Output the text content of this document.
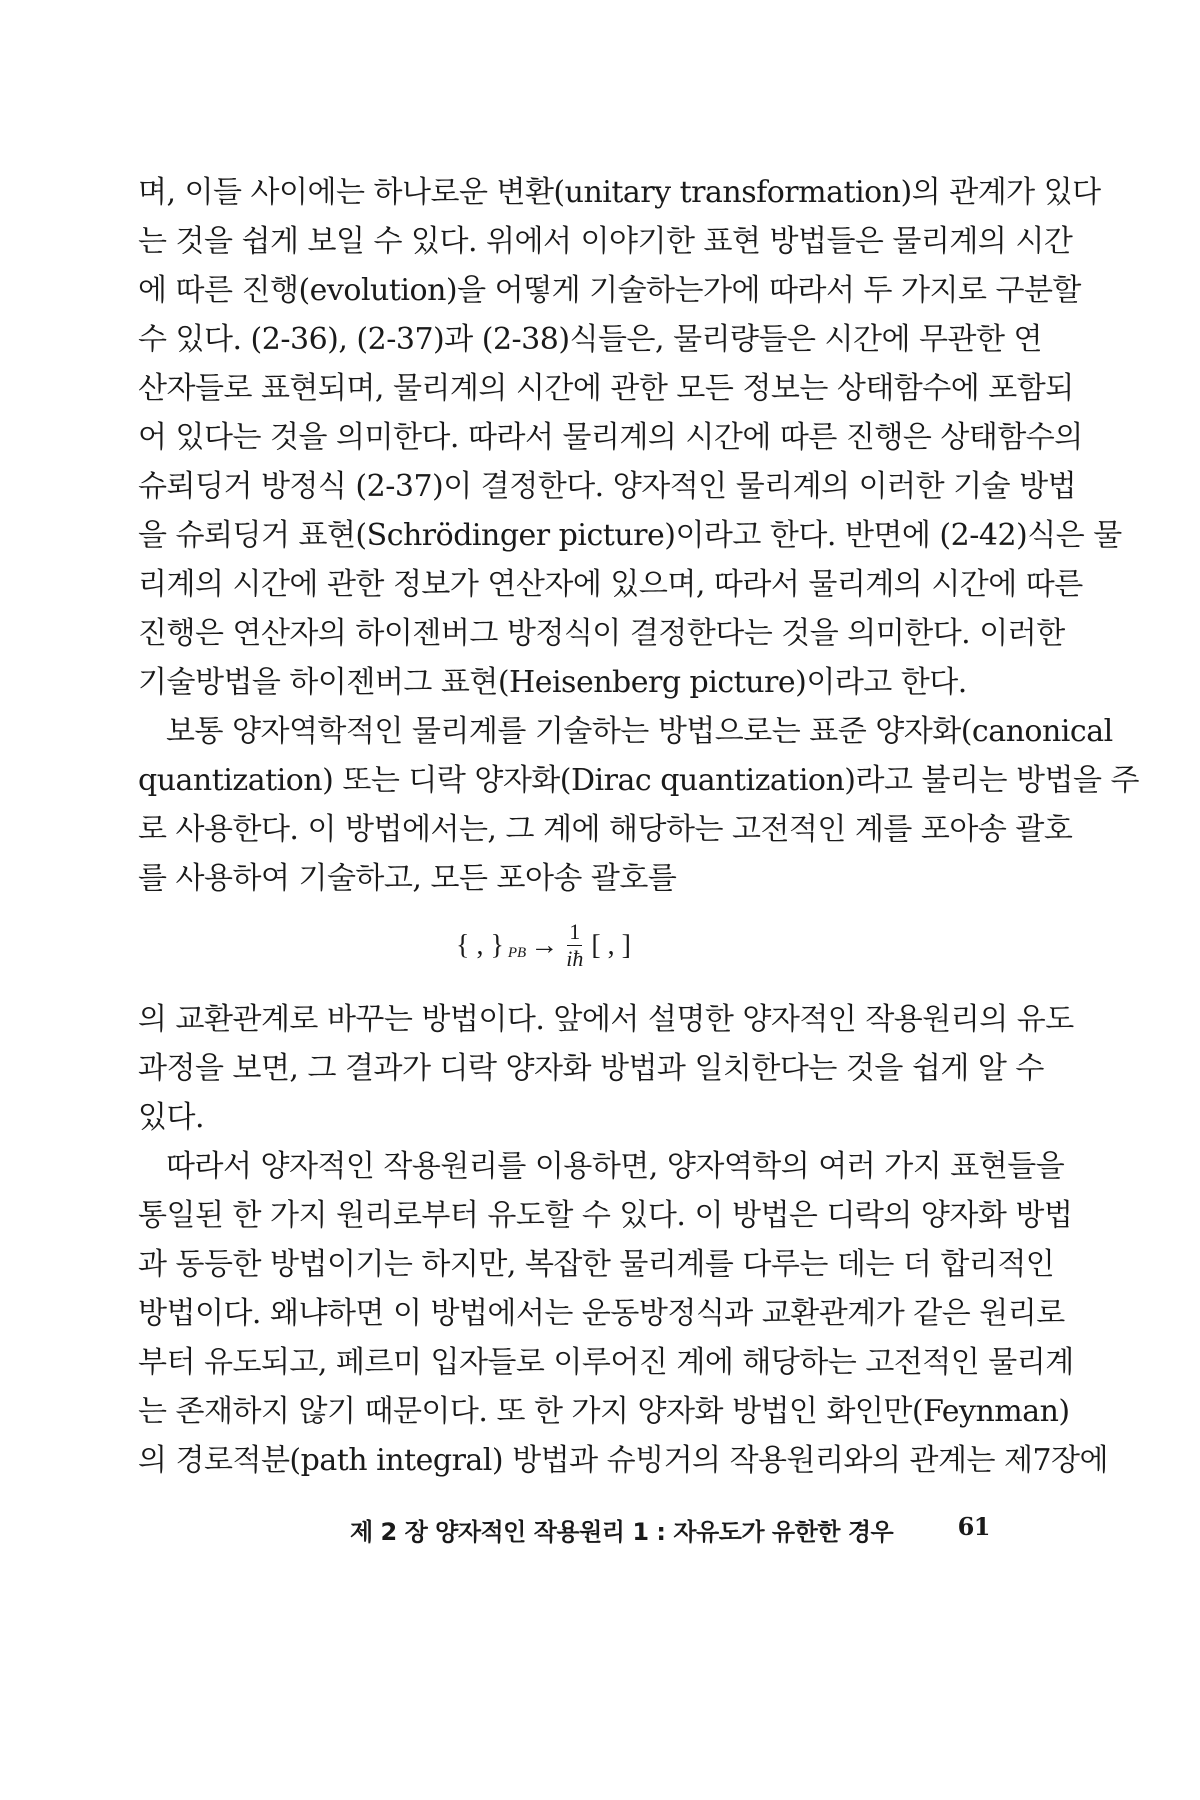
며, 이들 사이에는 하나로운 변환(unitary transformation)의 관계가 있다
는 것을 쉽게 보일 수 있다. 위에서 이야기한 표현 방법들은 물리계의 시간
에 따른 진행(evolution)을 어떻게 기술하는가에 따라서 두 가지로 구분할
수 있다. (2-36), (2-37)과 (2-38)식들은, 물리량들은 시간에 무관한 연
산자들로 표현되며, 물리계의 시간에 관한 모든 정보는 상태함수에 포함되
어 있다는 것을 의미한다. 따라서 물리계의 시간에 따른 진행은 상태함수의
슈뢰딩거 방정식 (2-37)이 결정한다. 양자적인 물리계의 이러한 기술 방법
을 슈뢰딩거 표현(Schrödinger picture)이라고 한다. 반면에 (2-42)식은 물
리계의 시간에 관한 정보가 연산자에 있으며, 따라서 물리계의 시간에 따른
진행은 연산자의 하이젠버그 방정식이 결정한다는 것을 의미한다. 이러한
기술방법을 하이젠버그 표현(Heisenberg picture)이라고 한다.
보통 양자역학적인 물리계를 기술하는 방법으로는 표준 양자화(canonical
quantization) 또는 디락 양자화(Dirac quantization)라고 불리는 방법을 주
로 사용한다. 이 방법에서는, 그 계에 해당하는 고전적인 계를 포아송 괄호
를 사용하여 기술하고, 모든 포아송 괄호를
{ , } PB → $\frac{1}{iħ}$ [ , ]
의 교환관계로 바꾸는 방법이다. 앞에서 설명한 양자적인 작용원리의 유도
과정을 보면, 그 결과가 디락 양자화 방법과 일치한다는 것을 쉽게 알 수
있다.
따라서 양자적인 작용원리를 이용하면, 양자역학의 여러 가지 표현들을
통일된 한 가지 원리로부터 유도할 수 있다. 이 방법은 디락의 양자화 방법
과 동등한 방법이기는 하지만, 복잡한 물리계를 다루는 데는 더 합리적인
방법이다. 왜냐하면 이 방법에서는 운동방정식과 교환관계가 같은 원리로
부터 유도되고, 페르미 입자들로 이루어진 계에 해당하는 고전적인 물리계
는 존재하지 않기 때문이다. 또 한 가지 양자화 방법인 화인만(Feynman)
의 경로적분(path integral) 방법과 슈빙거의 작용원리와의 관계는 제7장에
제 2 장 양자적인 작용원리 1 : 자유도가 유한한 경우	61
